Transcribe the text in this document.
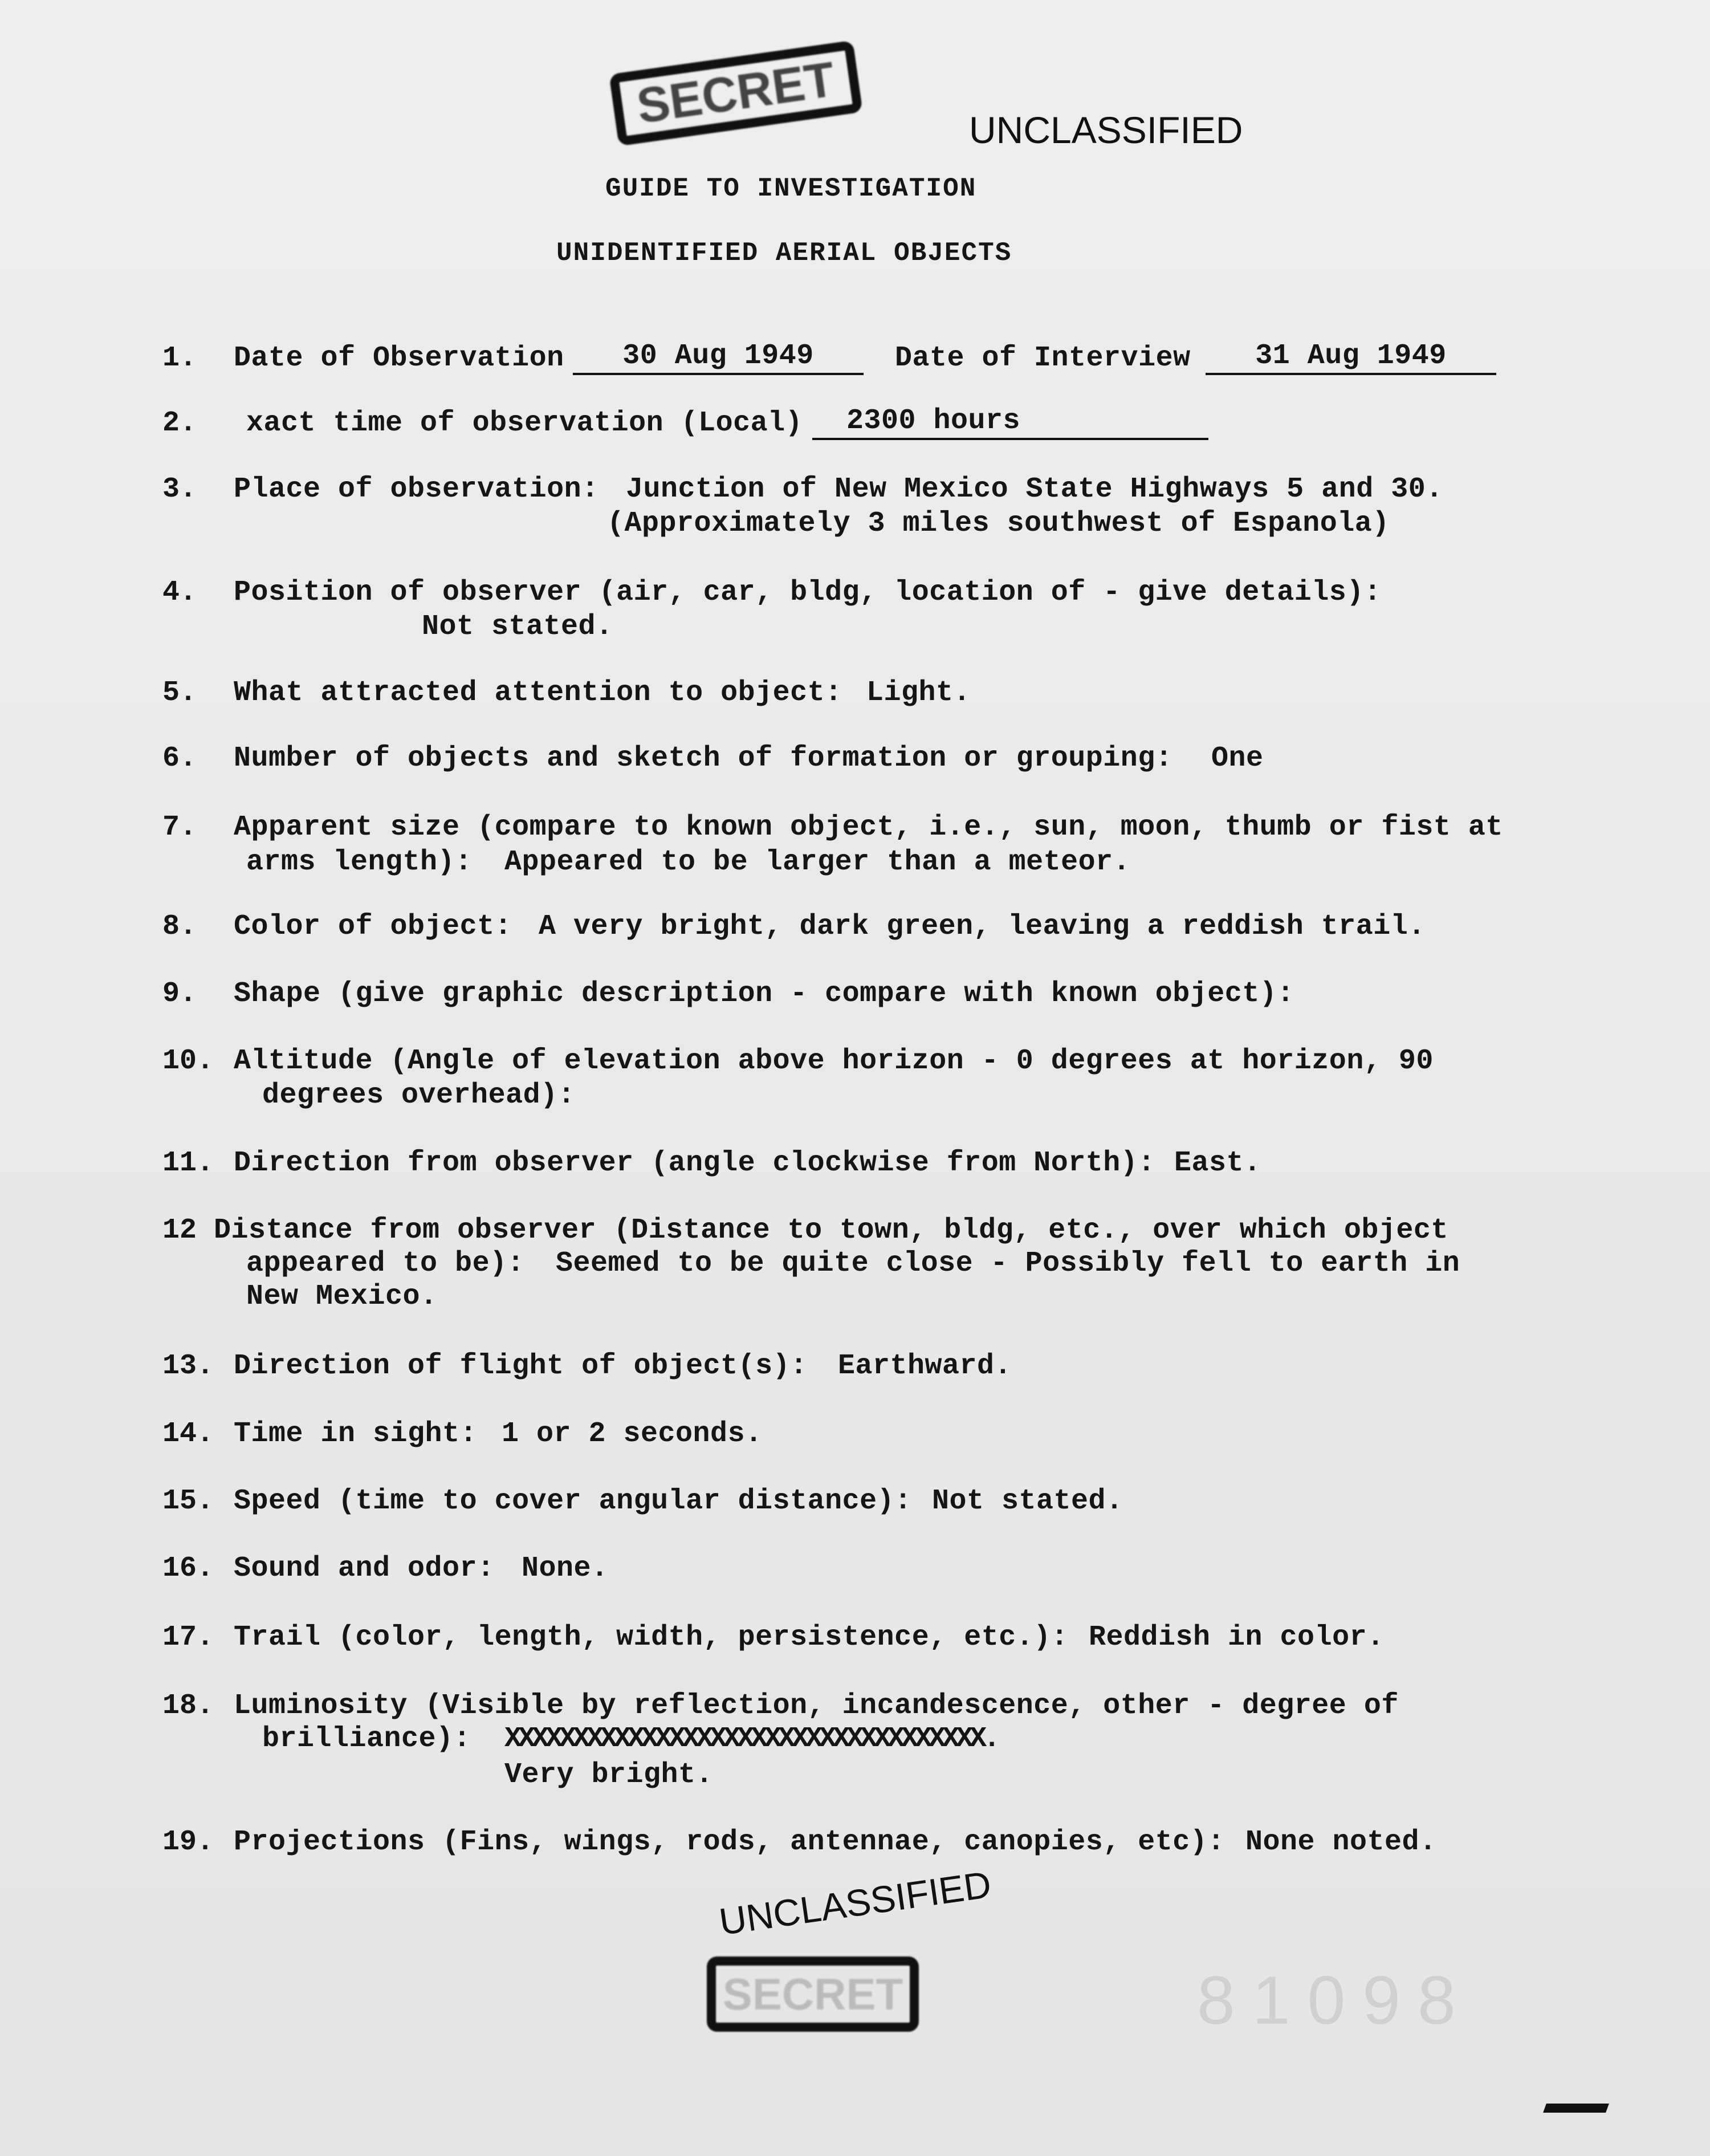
SECRET	UNCLASSIFIED
GUIDE TO INVESTIGATION
UNIDENTIFIED AERIAL OBJECTS
1. Date of Observation	30 Aug 1949	Date of Interview	31 Aug 1949
2. xact time of observation (Local)	2300 hours
3. Place of observation: Junction of New Mexico State Highways 5 and 30.
(Approximately 3 miles southwest of Espanola)
4. Position of observer (air, car, bldg, location of - give details):
Not stated.
5. What attracted attention to object: Light.
6. Number of objects and sketch of formation or grouping: One
7. Apparent size (compare to known object, i.e., sun, moon, thumb or fist at
arms length): Appeared to be larger than a meteor.
8. Color of object: A very bright, dark green, leaving a reddish trail.
9. Shape (give graphic description - compare with known object):
10. Altitude (Angle of elevation above horizon - 0 degrees at horizon, 90
degrees overhead):
11. Direction from observer (angle clockwise from North): East.
12 Distance from observer (Distance to town, bldg, etc., over which object
appeared to be): Seemed to be quite close - Possibly fell to earth in
New Mexico.
13. Direction of flight of object(s): Earthward.
14. Time in sight: 1 or 2 seconds.
15. Speed (time to cover angular distance): Not stated.
16. Sound and odor: None.
17. Trail (color, length, width, persistence, etc.): Reddish in color.
18. Luminosity (Visible by reflection, incandescence, other - degree of
brilliance): XXXXXXXXXXXXXXXXXXXXXXXXXXXXXXXXXXX.
Very bright.
19. Projections (Fins, wings, rods, antennae, canopies, etc): None noted.
UNCLASSIFIED
SECRET	81098
